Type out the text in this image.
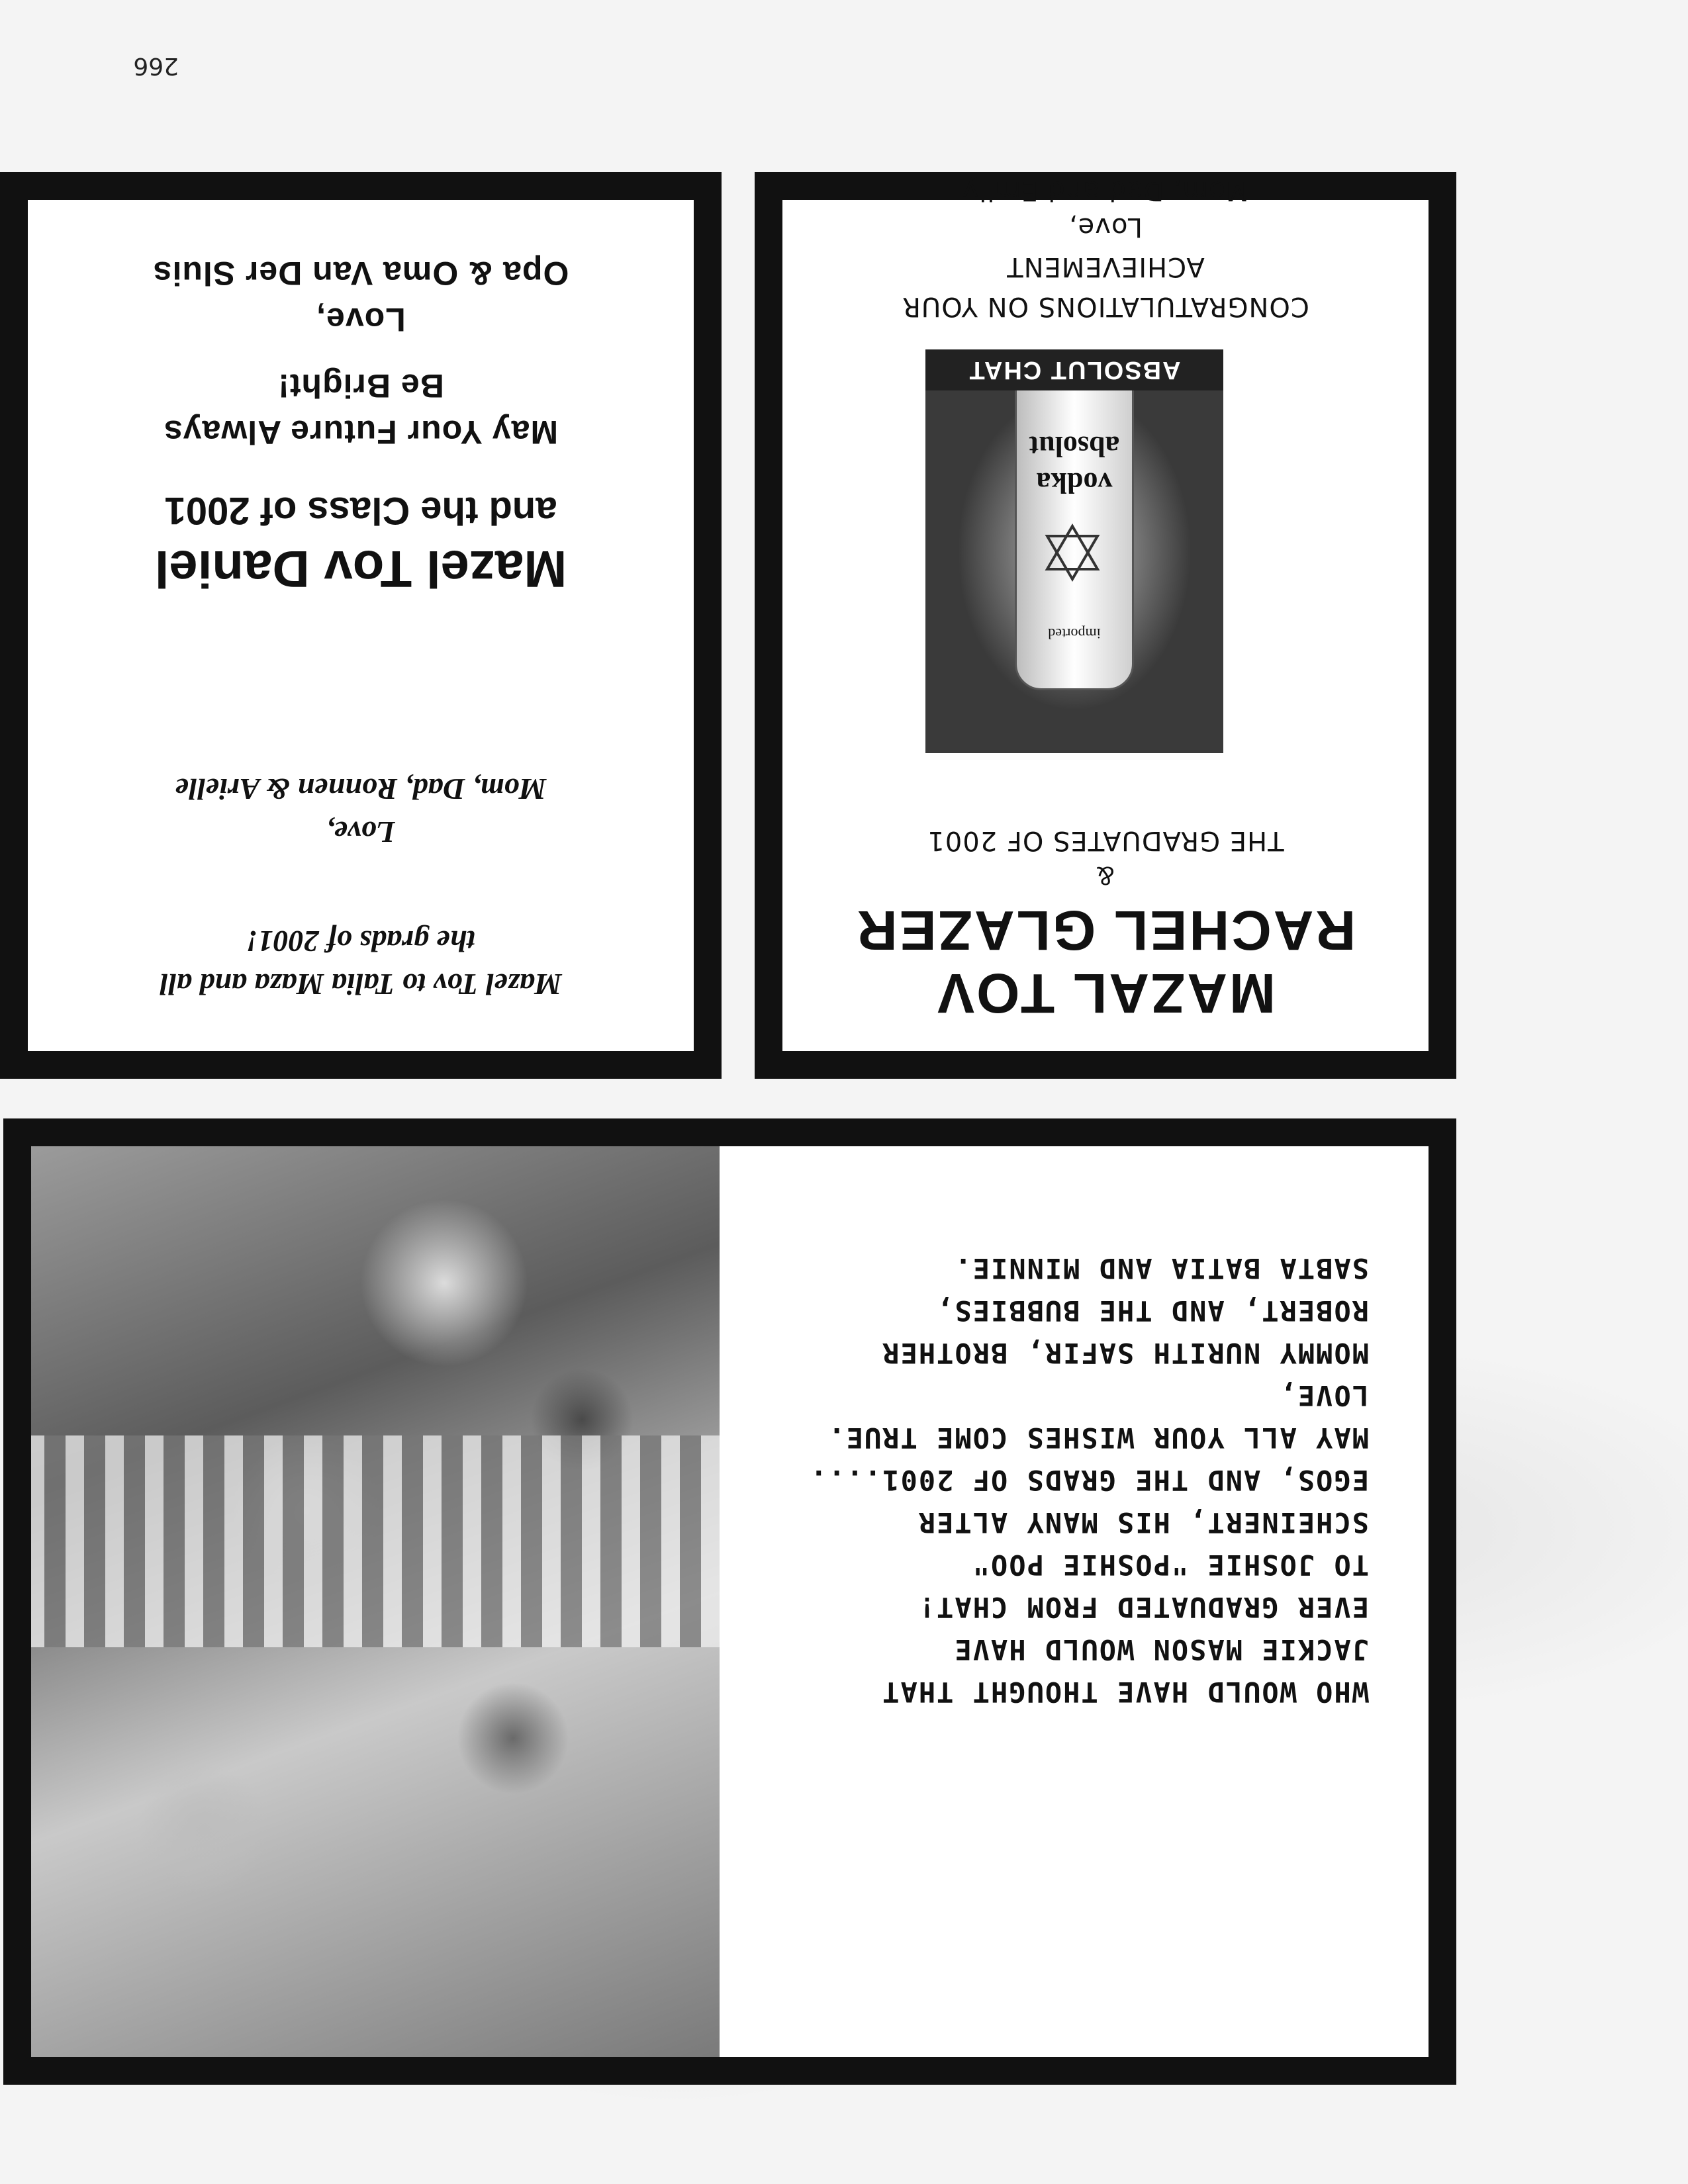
266
WHO WOULD HAVE THOUGHT THAT
JACKIE MASON WOULD HAVE
EVER GRADUATED FROM CHAT!
TO JOSHIE "POSHIE POO"
SCHEINERT, HIS MANY ALTER
EGOS, AND THE GRADS OF 2001....
MAY ALL YOUR WISHES COME TRUE.
LOVE,
MOMMY NURITH SAFIR, BROTHER
ROBERT, AND THE BUBBIES,
SABTA BATIA AND MINNIE.
Mazel Tov to Talia Maza and all
the grads of 2001!
Love,
Mom, Dad, Ronnen & Arielle
Mazel Tov Daniel
and the Class of 2001
May Your Future Always
Be Bright!
Love,
Opa & Oma Van Der Sluis
MAZAL TOV
RACHEL GLAZER
&
THE GRADUATES OF 2001
imported
vodka
absolut
ABSOLUT CHAT
CONGRATULATIONS ON YOUR
ACHIEVEMENT
Love,
Mom, Dad and Emily
